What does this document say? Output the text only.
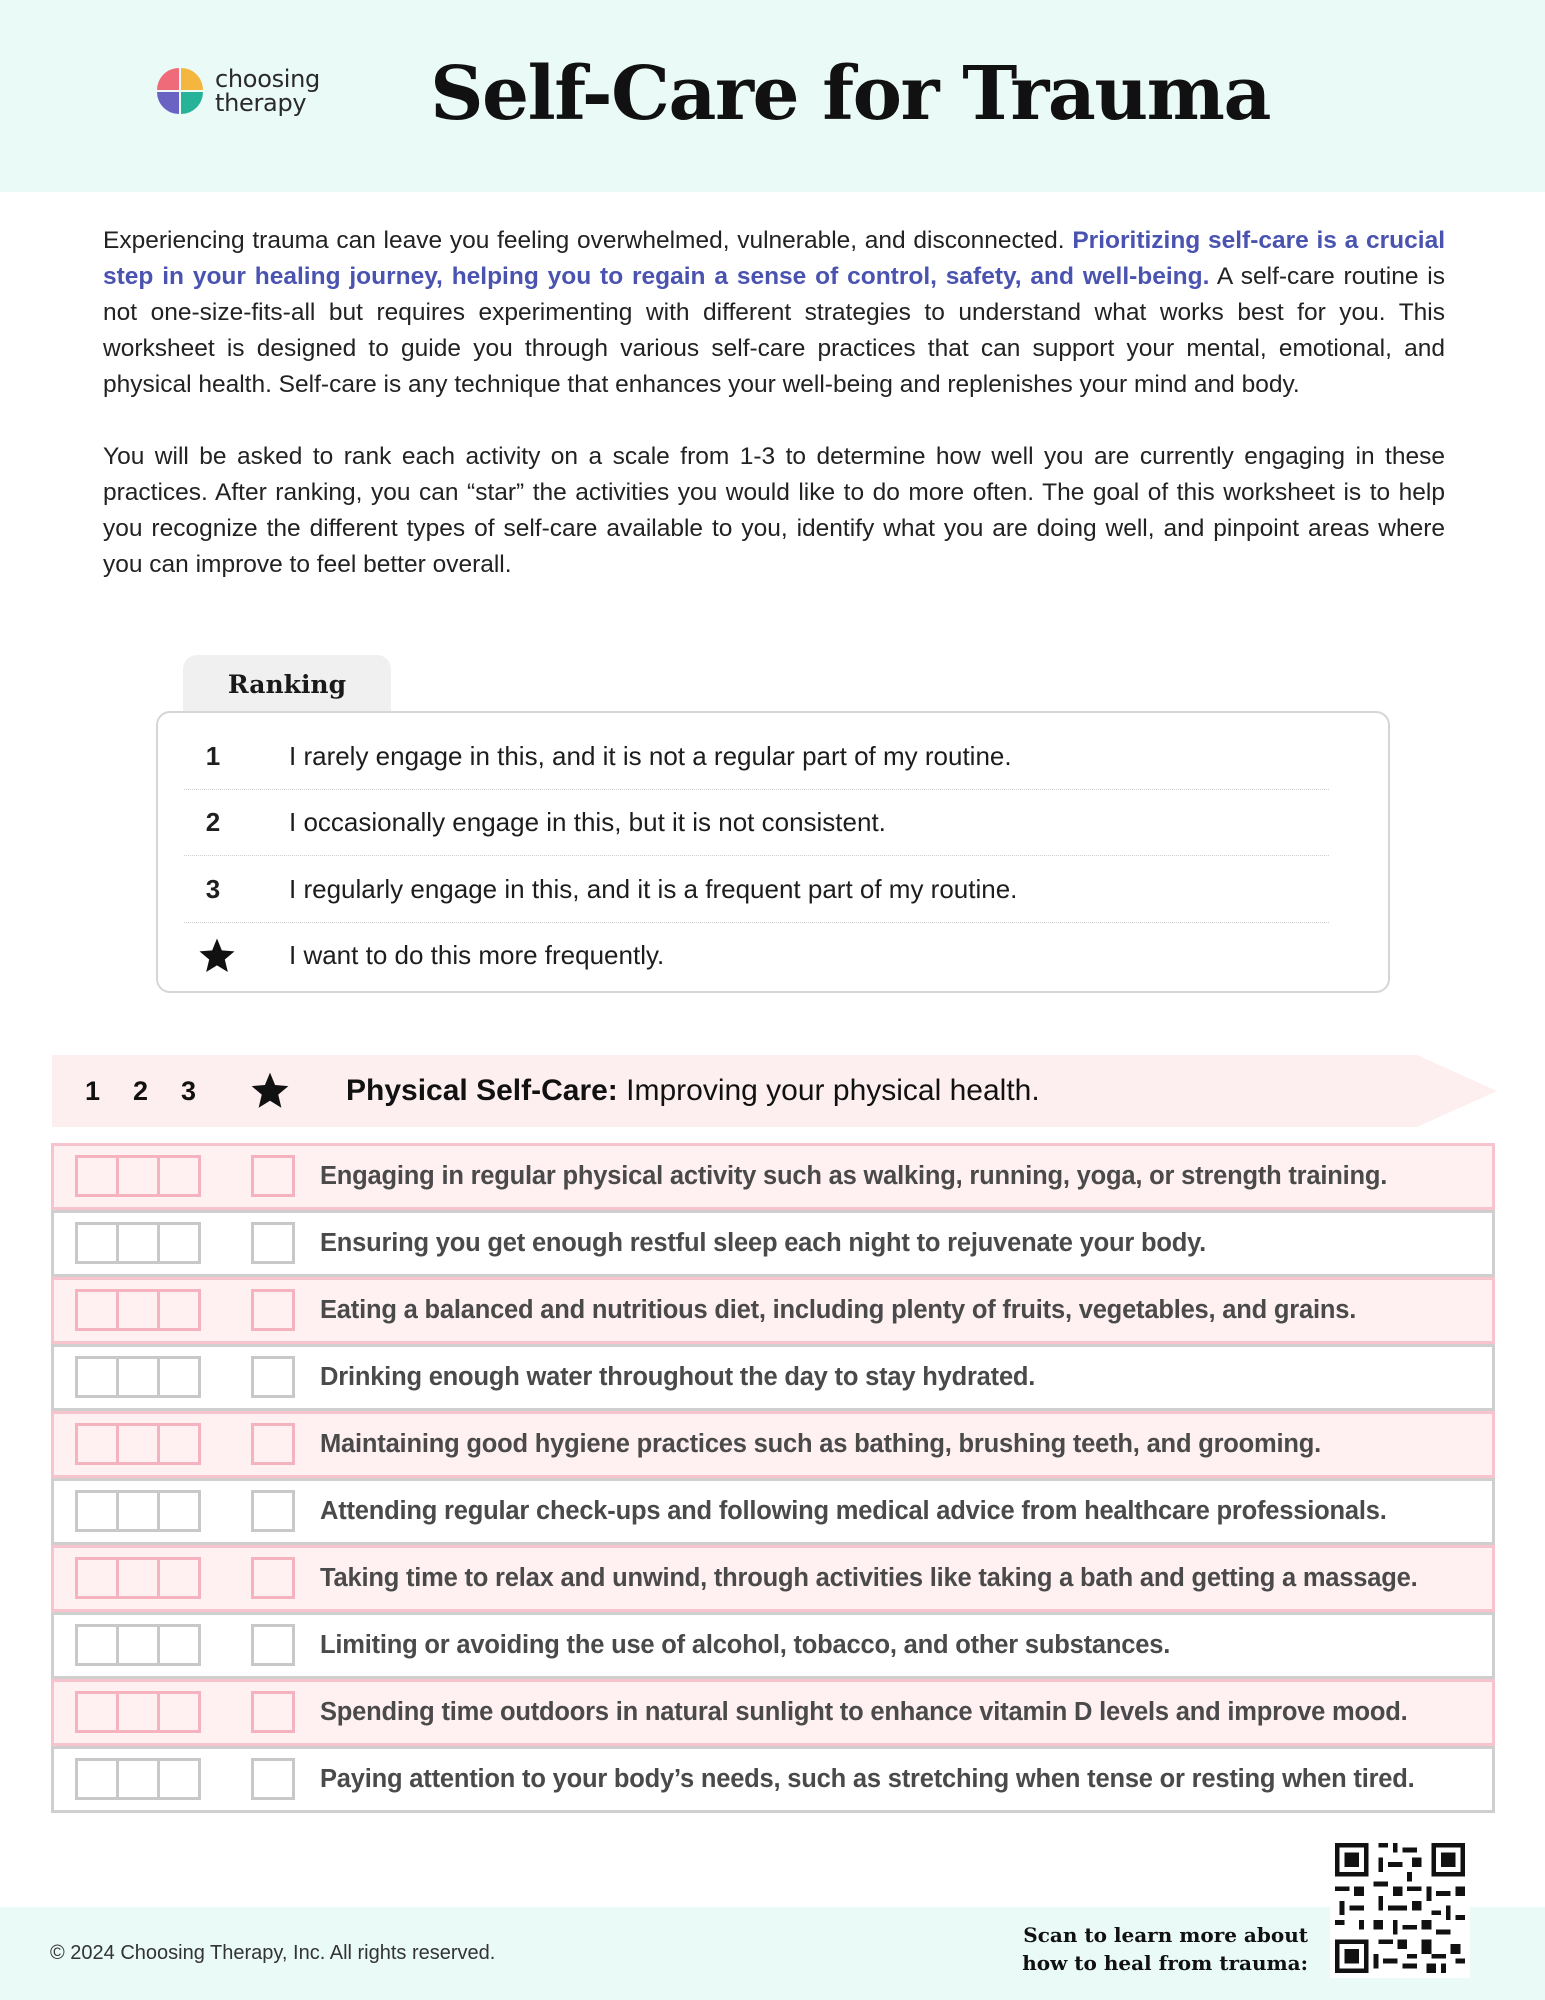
choosing
therapy Self-Care for Trauma

Experiencing trauma can leave you feeling overwhelmed, vulnerable, and disconnected. Prioritizing self-care is a crucial step in your healing journey, helping you to regain a sense of control, safety, and well-being. A self-care routine is not one-size-fits-all but requires experimenting with different strategies to understand what works best for you. This worksheet is designed to guide you through various self-care practices that can support your mental, emotional, and physical health. Self-care is any technique that enhances your well-being and replenishes your mind and body.

You will be asked to rank each activity on a scale from 1-3 to determine how well you are currently engaging in these practices. After ranking, you can “star” the activities you would like to do more often. The goal of this worksheet is to help you recognize the different types of self-care available to you, identify what you are doing well, and pinpoint areas where you can improve to feel better overall.

Ranking
1	I rarely engage in this, and it is not a regular part of my routine.
2	I occasionally engage in this, but it is not consistent.
3	I regularly engage in this, and it is a frequent part of my routine.
I want to do this more frequently.
1 2 3	Physical Self-Care: Improving your physical health.
Engaging in regular physical activity such as walking, running, yoga, or strength training.
Ensuring you get enough restful sleep each night to rejuvenate your body.
Eating a balanced and nutritious diet, including plenty of fruits, vegetables, and grains.
Drinking enough water throughout the day to stay hydrated.
Maintaining good hygiene practices such as bathing, brushing teeth, and grooming.
Attending regular check-ups and following medical advice from healthcare professionals.
Taking time to relax and unwind, through activities like taking a bath and getting a massage.
Limiting or avoiding the use of alcohol, tobacco, and other substances.
Spending time outdoors in natural sunlight to enhance vitamin D levels and improve mood.
Paying attention to your body’s needs, such as stretching when tense or resting when tired.
© 2024 Choosing Therapy, Inc. All rights reserved.
Scan to learn more about
how to heal from trauma:
